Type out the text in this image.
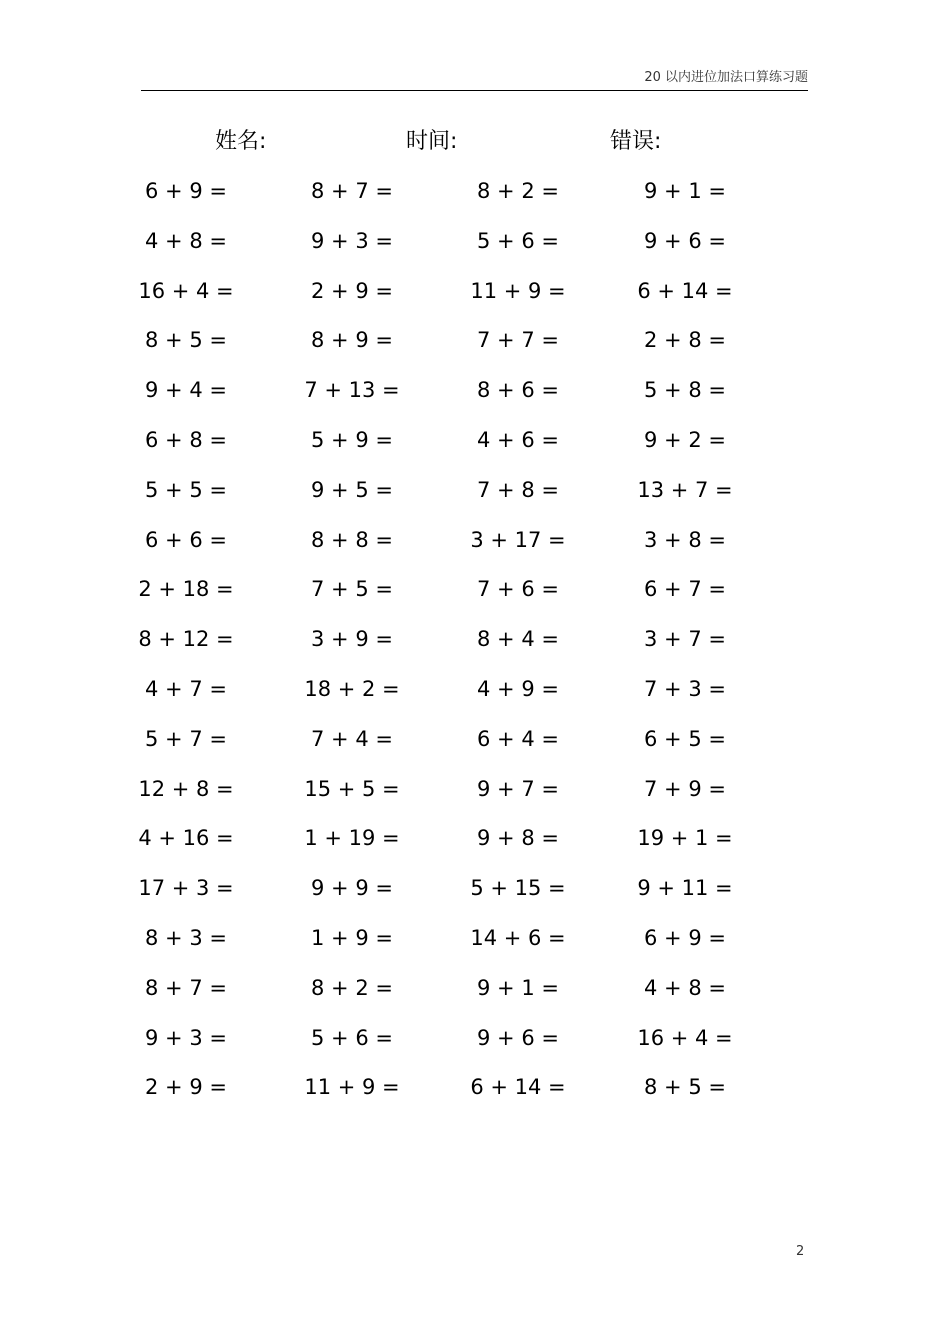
20 以内进位加法口算练习题
姓名:	时间:	错误:
6 + 9 =	8 + 7 =	8 + 2 =	9 + 1 =
4 + 8 =	9 + 3 =	5 + 6 =	9 + 6 =
16 + 4 =	2 + 9 =	11 + 9 =	6 + 14 =
8 + 5 =	8 + 9 =	7 + 7 =	2 + 8 =
9 + 4 =	7 + 13 =	8 + 6 =	5 + 8 =
6 + 8 =	5 + 9 =	4 + 6 =	9 + 2 =
5 + 5 =	9 + 5 =	7 + 8 =	13 + 7 =
6 + 6 =	8 + 8 =	3 + 17 =	3 + 8 =
2 + 18 =	7 + 5 =	7 + 6 =	6 + 7 =
8 + 12 =	3 + 9 =	8 + 4 =	3 + 7 =
4 + 7 =	18 + 2 =	4 + 9 =	7 + 3 =
5 + 7 =	7 + 4 =	6 + 4 =	6 + 5 =
12 + 8 =	15 + 5 =	9 + 7 =	7 + 9 =
4 + 16 =	1 + 19 =	9 + 8 =	19 + 1 =
17 + 3 =	9 + 9 =	5 + 15 =	9 + 11 =
8 + 3 =	1 + 9 =	14 + 6 =	6 + 9 =
8 + 7 =	8 + 2 =	9 + 1 =	4 + 8 =
9 + 3 =	5 + 6 =	9 + 6 =	16 + 4 =
2 + 9 =	11 + 9 =	6 + 14 =	8 + 5 =
2
